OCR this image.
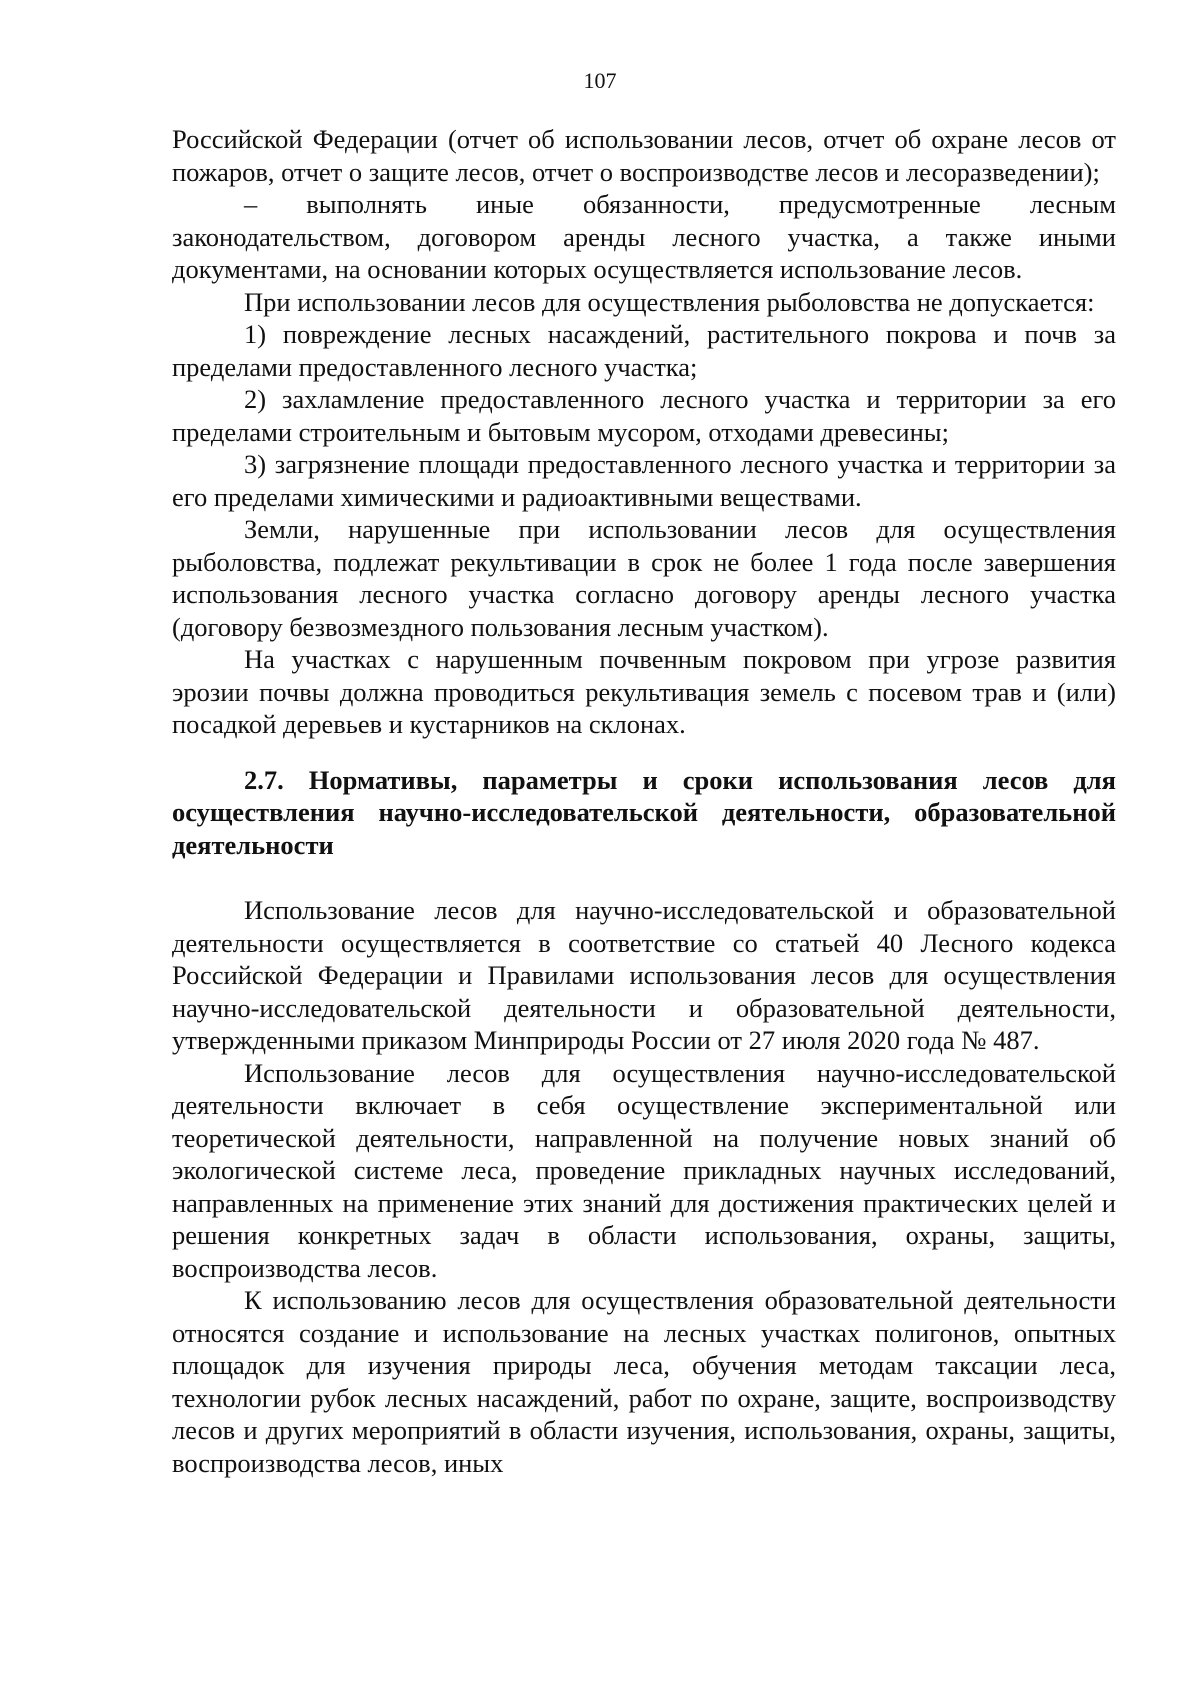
107

Российской Федерации (отчет об использовании лесов, отчет об охране лесов от пожаров, отчет о защите лесов, отчет о воспроизводстве лесов и лесоразведении);

– выполнять иные обязанности, предусмотренные лесным законодательством, договором аренды лесного участка, а также иными документами, на основании которых осуществляется использование лесов.

При использовании лесов для осуществления рыболовства не допускается:

1) повреждение лесных насаждений, растительного покрова и почв за пределами предоставленного лесного участка;

2) захламление предоставленного лесного участка и территории за его пределами строительным и бытовым мусором, отходами древесины;

3) загрязнение площади предоставленного лесного участка и территории за его пределами химическими и радиоактивными веществами.

Земли, нарушенные при использовании лесов для осуществления рыболовства, подлежат рекультивации в срок не более 1 года после завершения использования лесного участка согласно договору аренды лесного участка (договору безвозмездного пользования лесным участком).

На участках с нарушенным почвенным покровом при угрозе развития эрозии почвы должна проводиться рекультивация земель с посевом трав и (или) посадкой деревьев и кустарников на склонах.

2.7. Нормативы, параметры и сроки использования лесов для осуществления научно-исследовательской деятельности, образовательной деятельности

Использование лесов для научно-исследовательской и образовательной деятельности осуществляется в соответствие со статьей 40 Лесного кодекса Российской Федерации и Правилами использования лесов для осуществления научно-исследовательской деятельности и образовательной деятельности, утвержденными приказом Минприроды России от 27 июля 2020 года № 487.

Использование лесов для осуществления научно-исследовательской деятельности включает в себя осуществление экспериментальной или теоретической деятельности, направленной на получение новых знаний об экологической системе леса, проведение прикладных научных исследований, направленных на применение этих знаний для достижения практических целей и решения конкретных задач в области использования, охраны, защиты, воспроизводства лесов.

К использованию лесов для осуществления образовательной деятельности относятся создание и использование на лесных участках полигонов, опытных площадок для изучения природы леса, обучения методам таксации леса, технологии рубок лесных насаждений, работ по охране, защите, воспроизводству лесов и других мероприятий в области изучения, использования, охраны, защиты, воспроизводства лесов, иных
